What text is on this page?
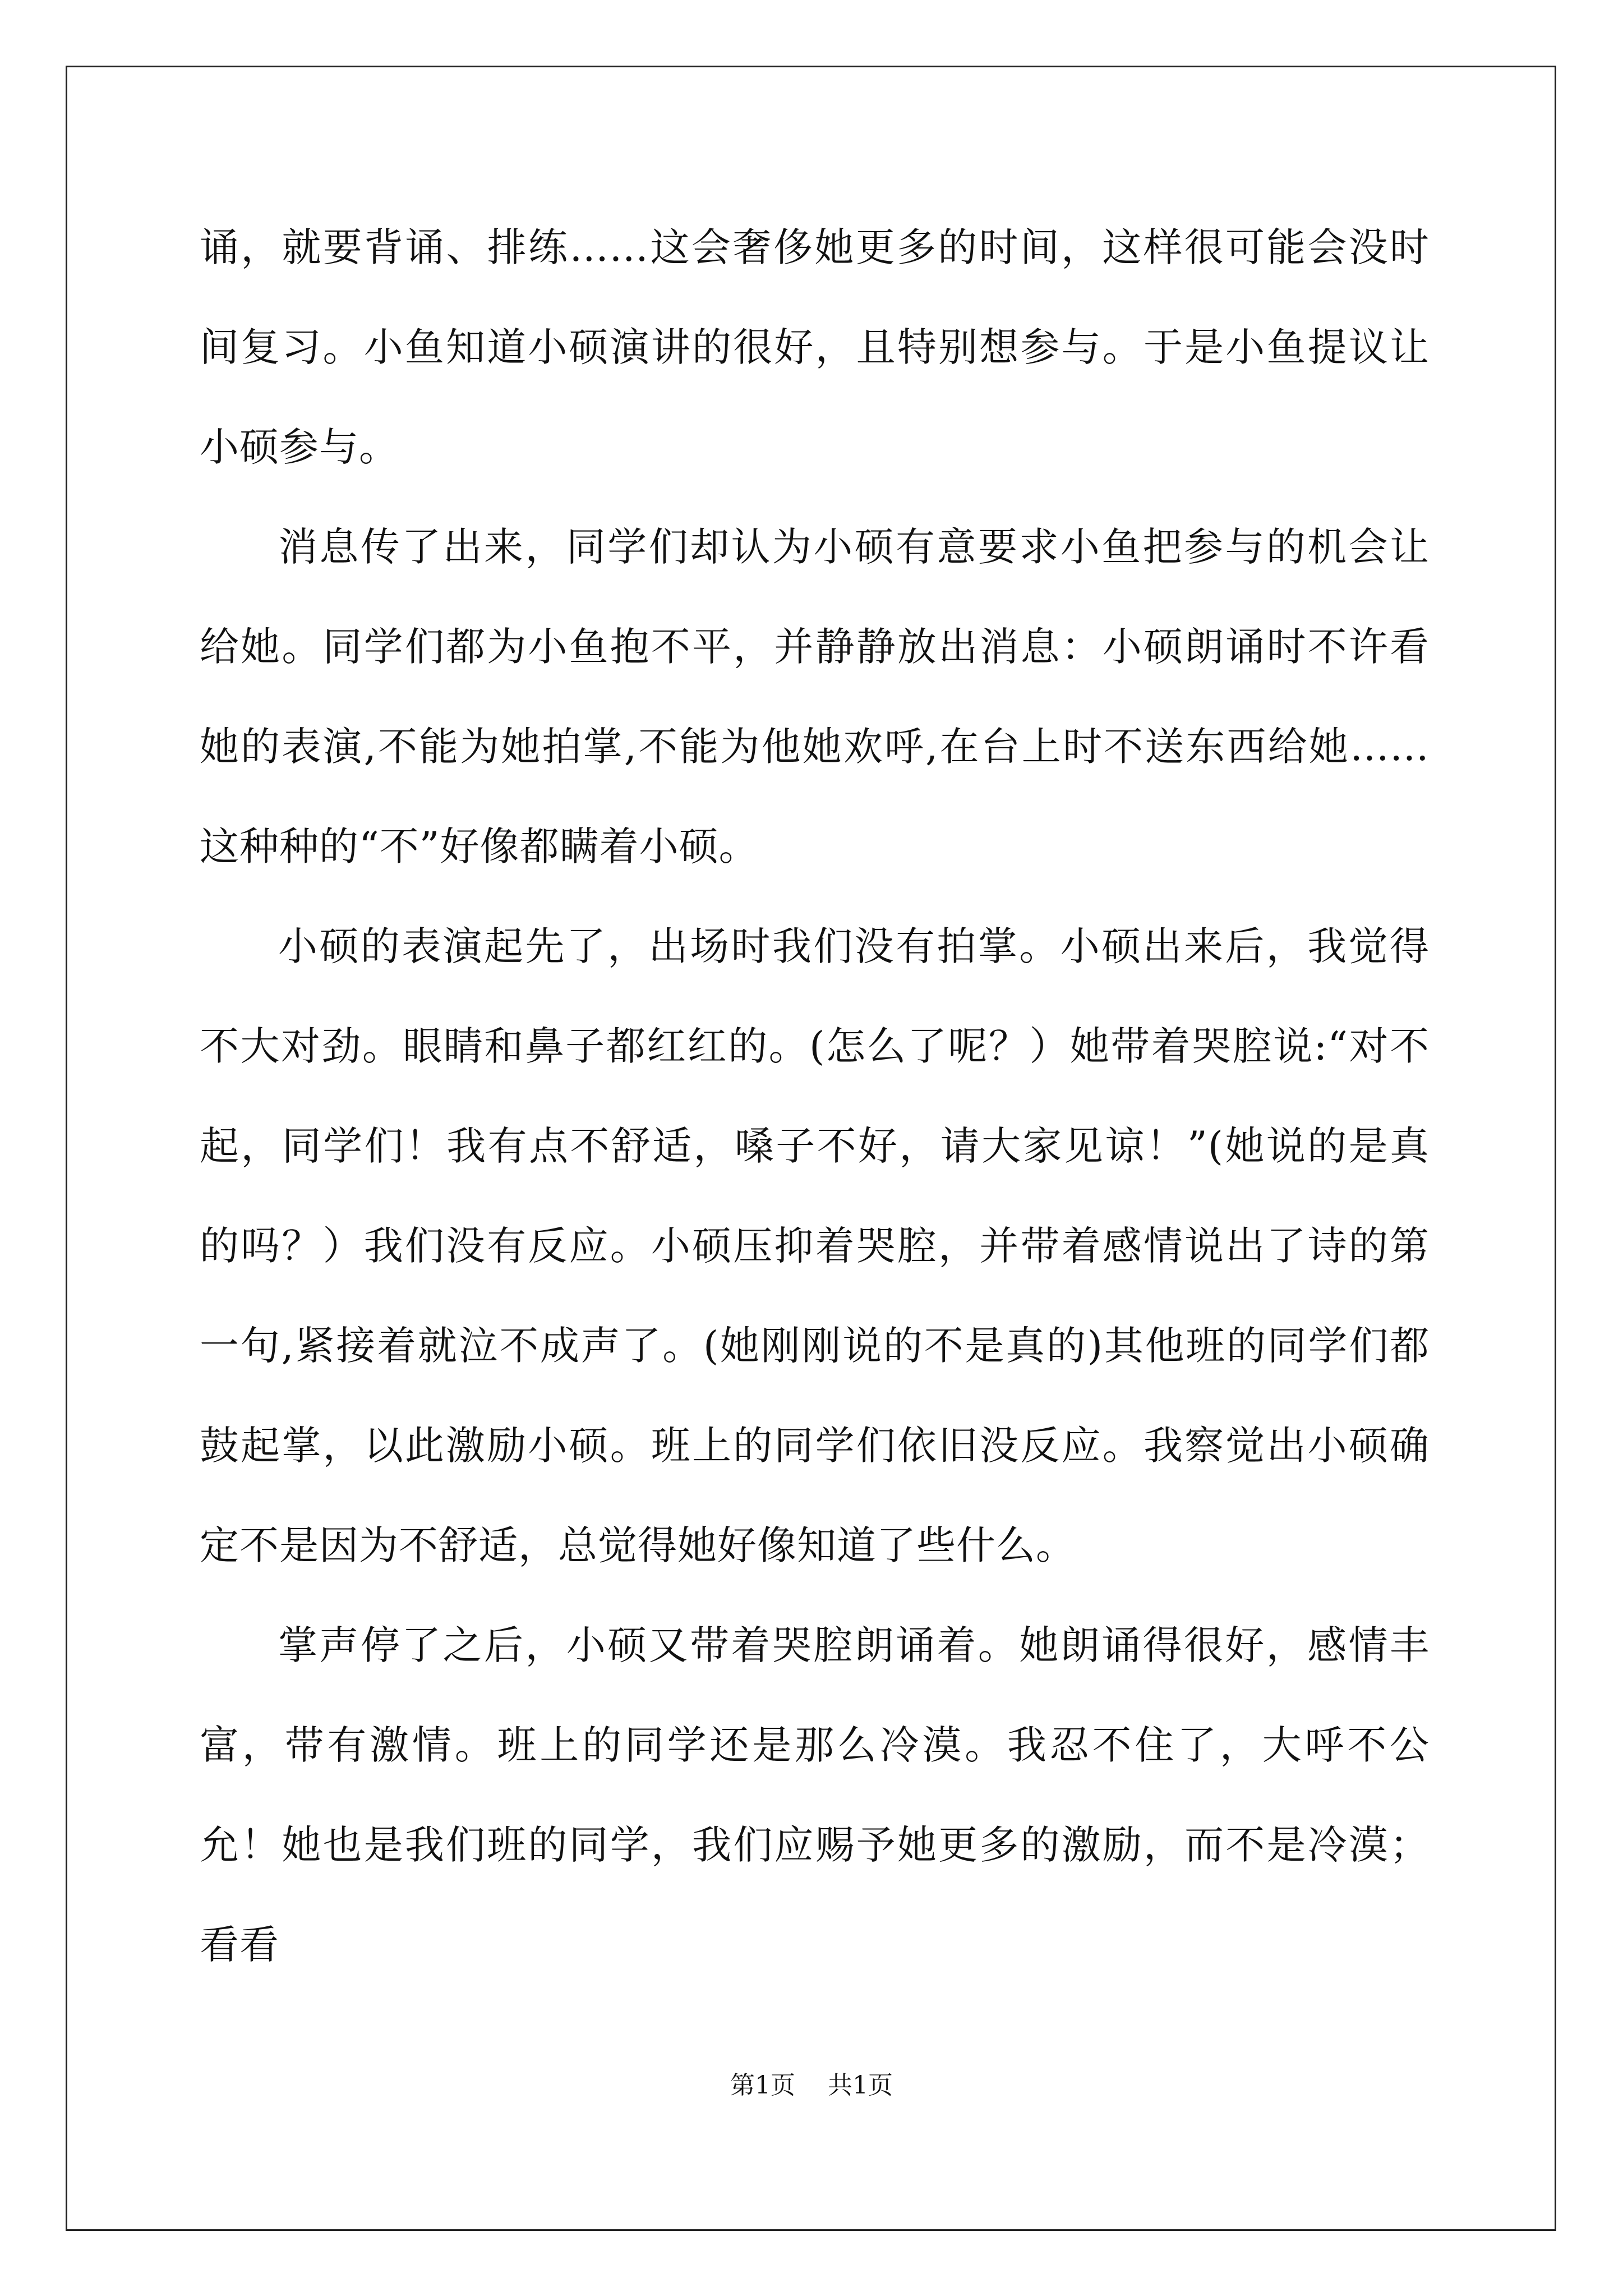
诵，就要背诵、排练……这会奢侈她更多的时间，这样很可能会没时间复习。小鱼知道小硕演讲的很好，且特别想参与。于是小鱼提议让小硕参与。

消息传了出来，同学们却认为小硕有意要求小鱼把参与的机会让给她。同学们都为小鱼抱不平，并静静放出消息：小硕朗诵时不许看她的表演,不能为她拍掌,不能为他她欢呼,在台上时不送东西给她……这种种的“不”好像都瞒着小硕。

小硕的表演起先了，出场时我们没有拍掌。小硕出来后，我觉得不大对劲。眼睛和鼻子都红红的。(怎么了呢？）她带着哭腔说:“对不起，同学们！我有点不舒适，嗓子不好，请大家见谅！”(她说的是真的吗？）我们没有反应。小硕压抑着哭腔，并带着感情说出了诗的第一句,紧接着就泣不成声了。(她刚刚说的不是真的)其他班的同学们都鼓起掌，以此激励小硕。班上的同学们依旧没反应。我察觉出小硕确定不是因为不舒适，总觉得她好像知道了些什么。

掌声停了之后，小硕又带着哭腔朗诵着。她朗诵得很好，感情丰富，带有激情。班上的同学还是那么冷漠。我忍不住了，大呼不公允！她也是我们班的同学，我们应赐予她更多的激励，而不是冷漠；看看

第1页 共1页
